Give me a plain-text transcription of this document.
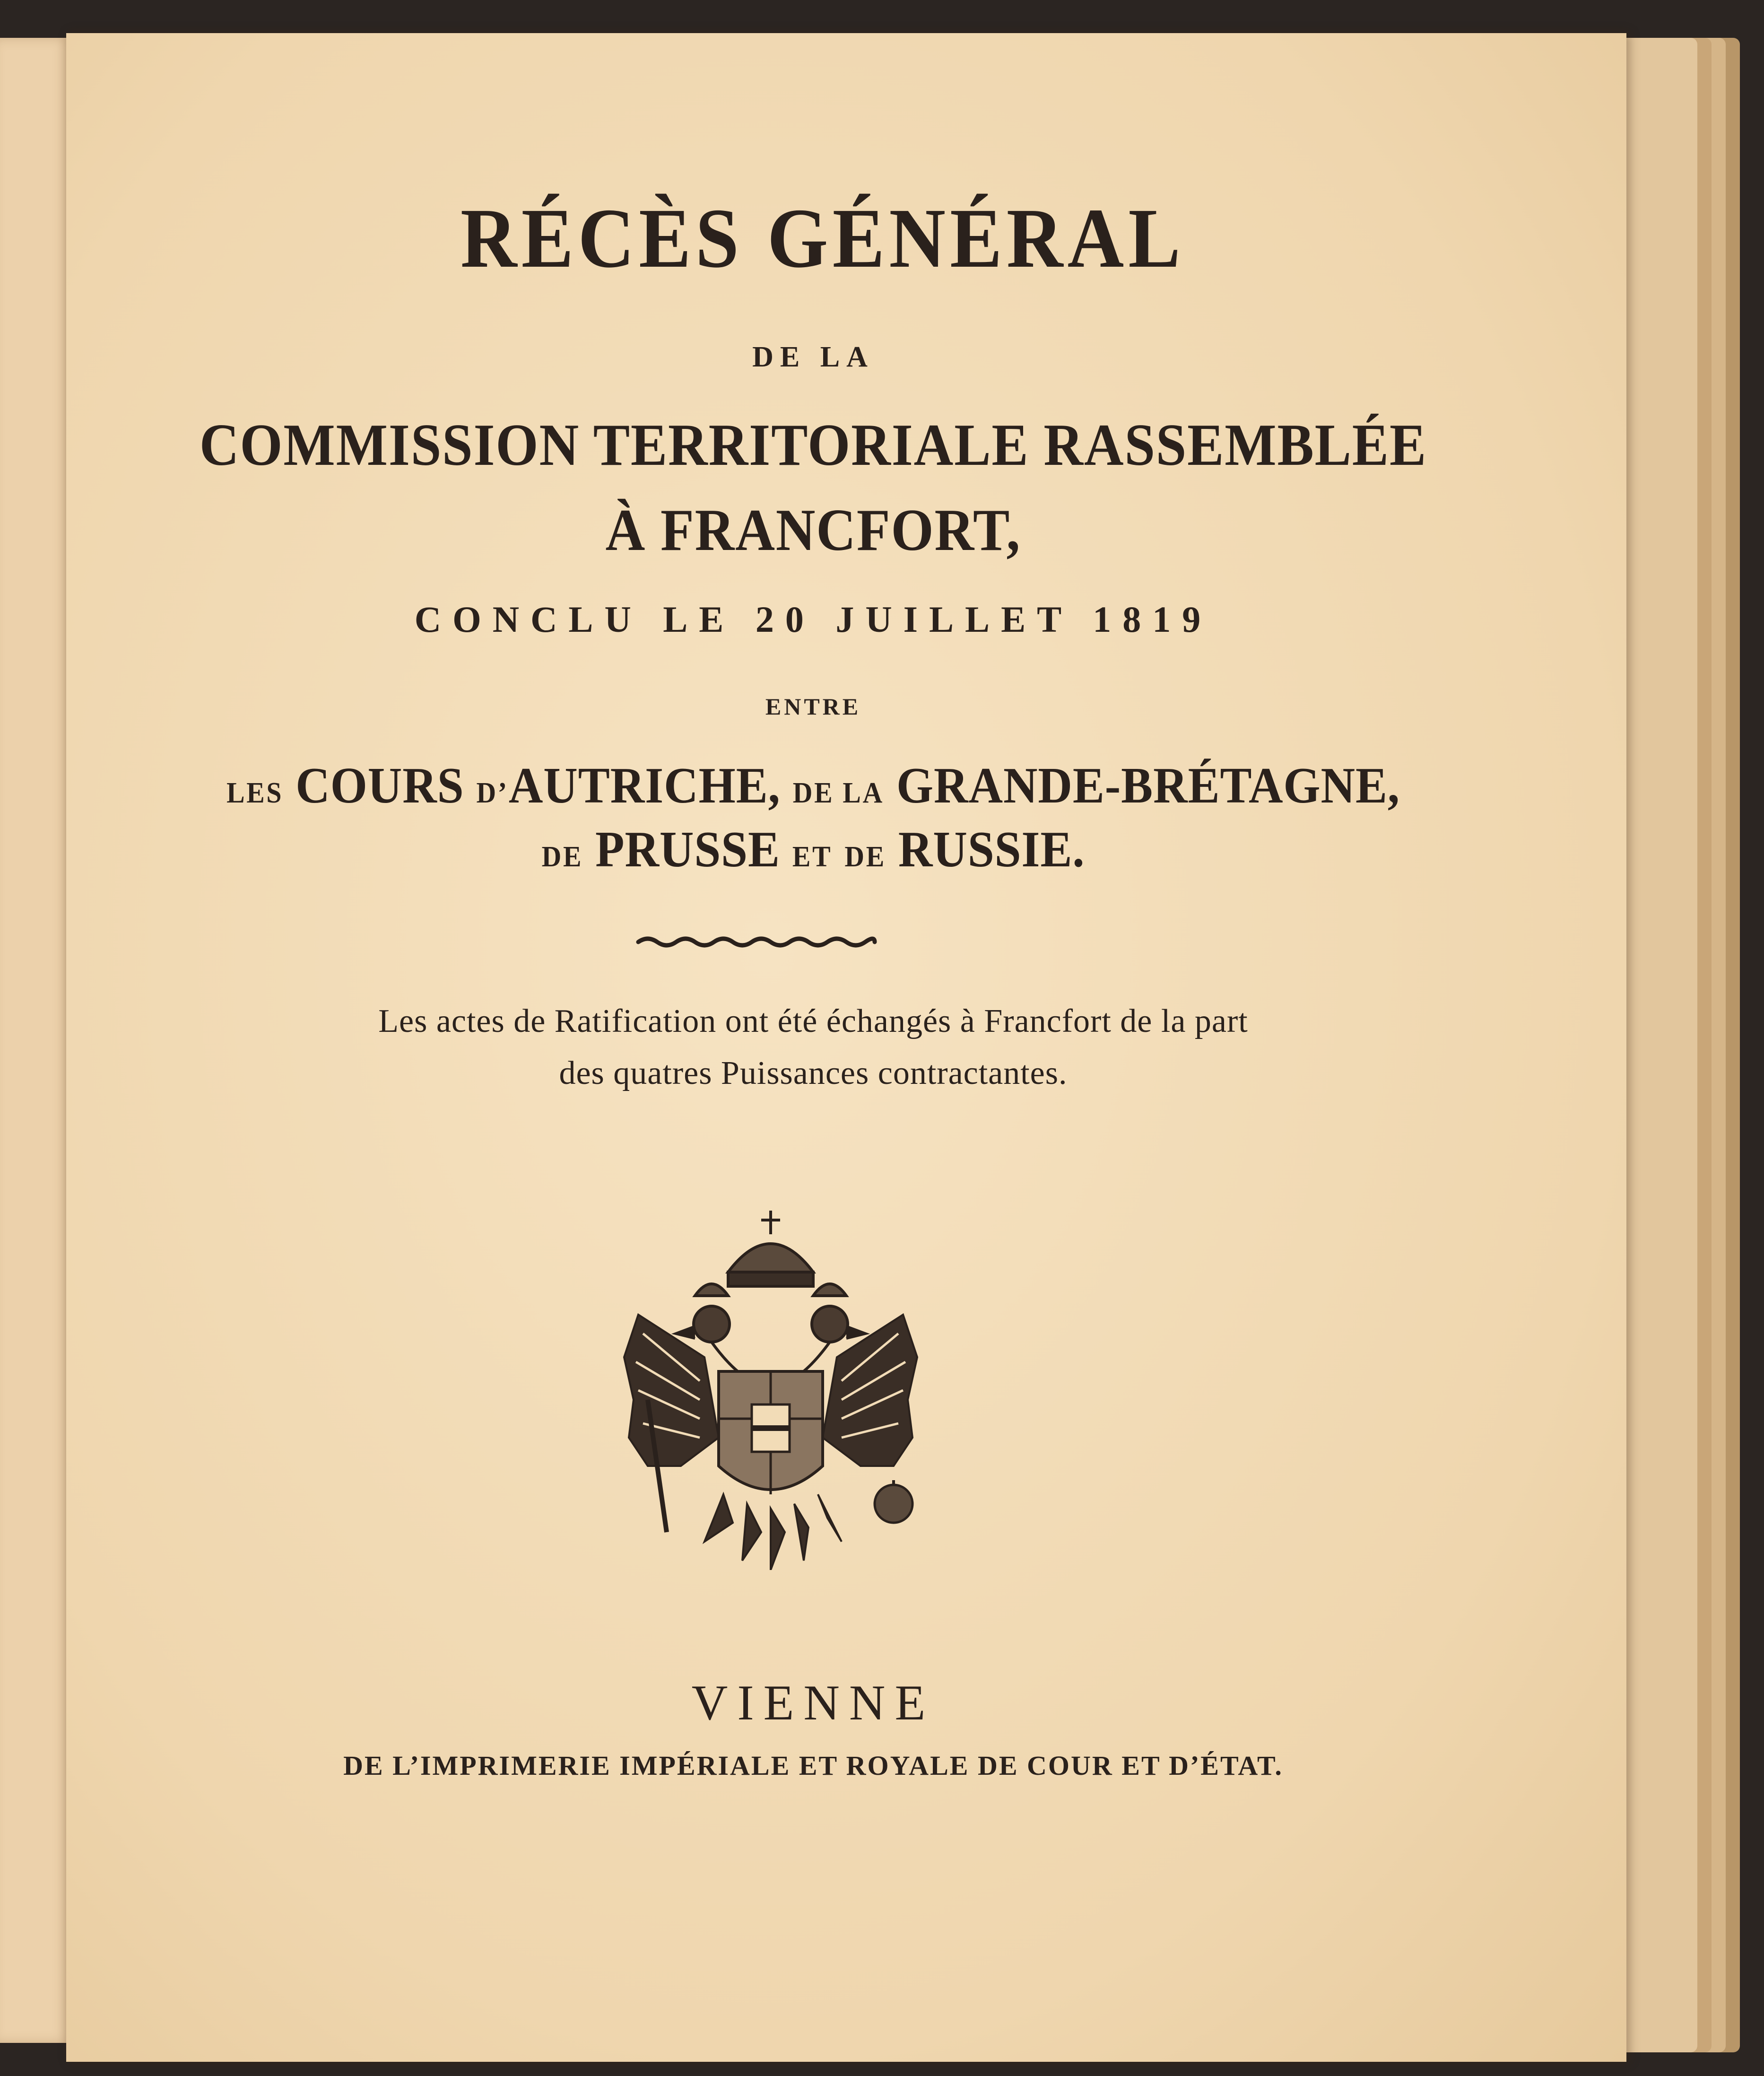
RÉCÈS GÉNÉRAL
DE LA
COMMISSION TERRITORIALE RASSEMBLÉE
À FRANCFORT,
CONCLU LE 20 JUILLET 1819
ENTRE
LES COURS D’AUTRICHE, DE LA GRANDE-BRÉTAGNE,
DE PRUSSE ET DE RUSSIE.
Les actes de Ratification ont été échangés à Francfort de la part
des quatres Puissances contractantes.
VIENNE
DE L’IMPRIMERIE IMPÉRIALE ET ROYALE DE COUR ET D’ÉTAT.
